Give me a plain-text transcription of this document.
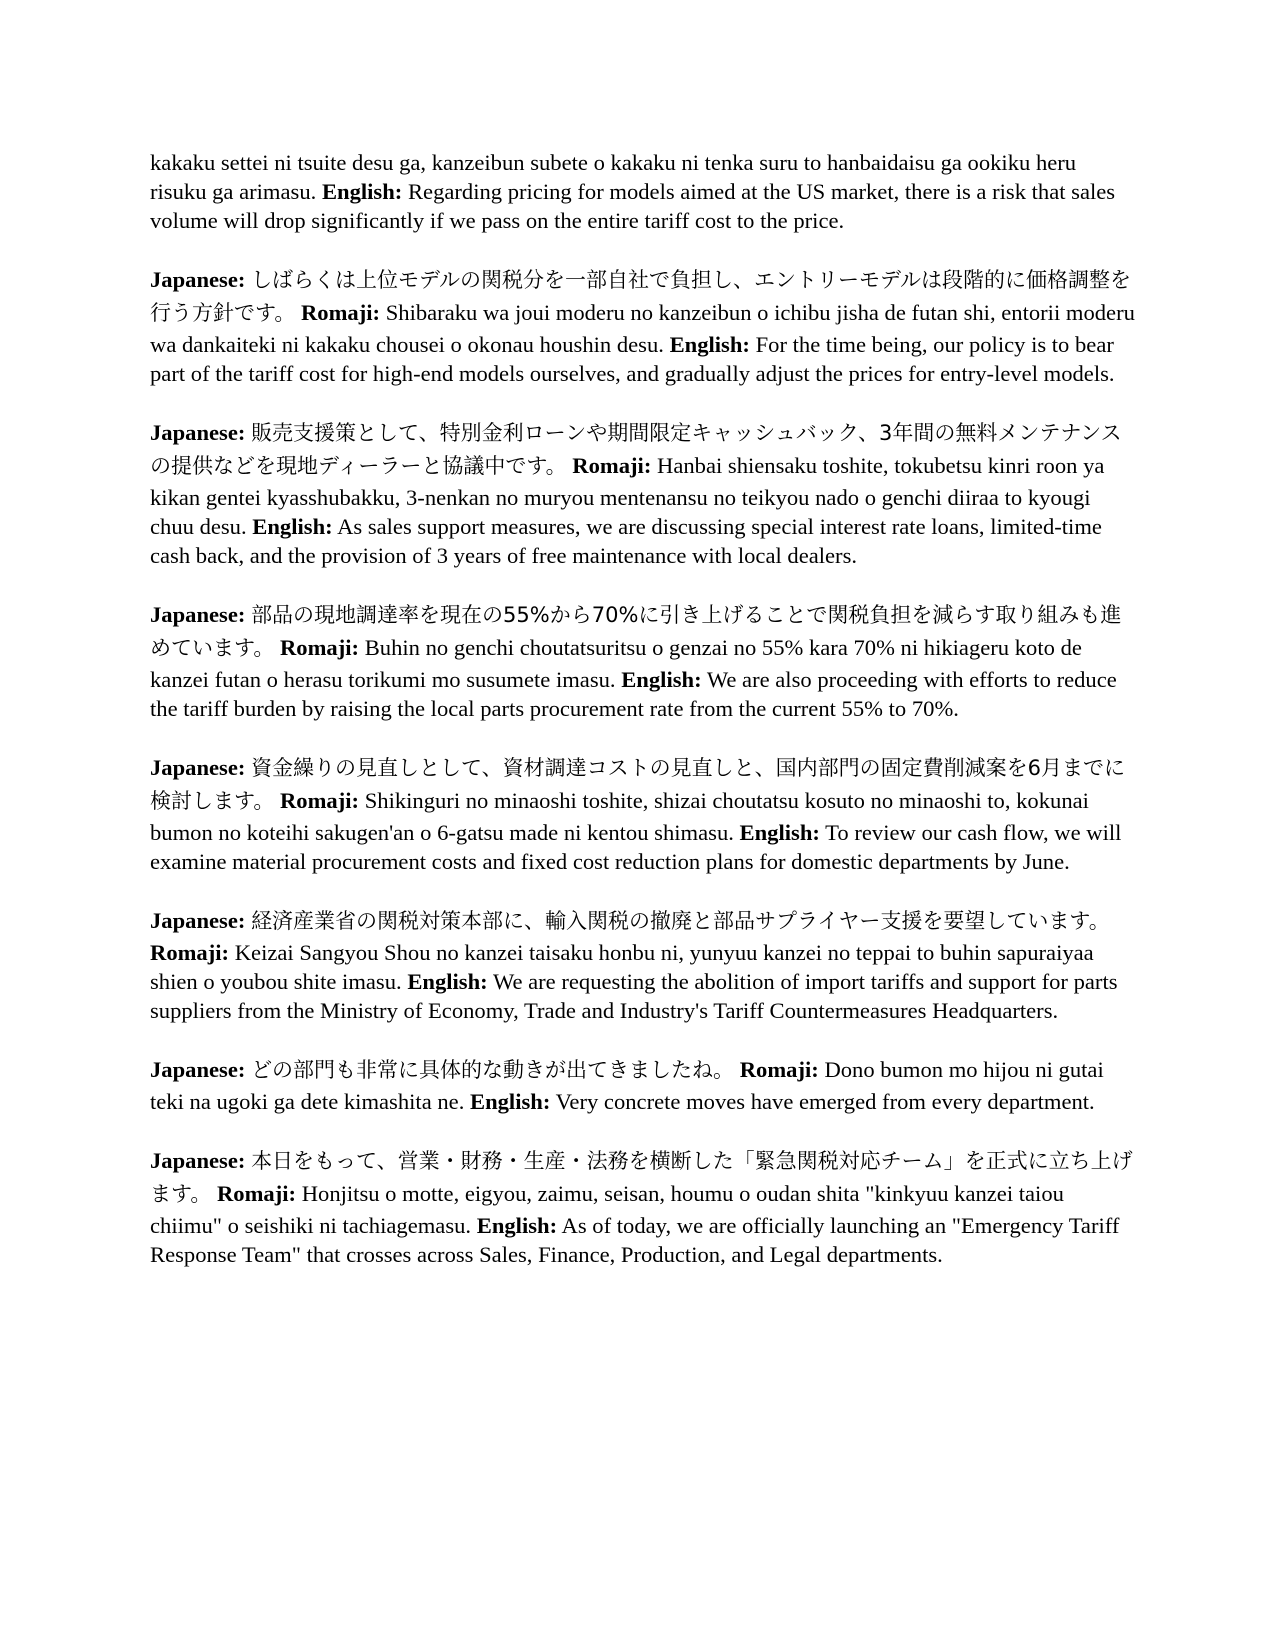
kakaku settei ni tsuite desu ga, kanzeibun subete o kakaku ni tenka suru to hanbaidaisu ga ookiku heru risuku ga arimasu. English: Regarding pricing for models aimed at the US market, there is a risk that sales volume will drop significantly if we pass on the entire tariff cost to the price.

Japanese: しばらくは上位モデルの関税分を一部自社で負担し、エントリーモデルは段階的に価格調整を行う方針です。 Romaji: Shibaraku wa joui moderu no kanzeibun o ichibu jisha de futan shi, entorii moderu wa dankaiteki ni kakaku chousei o okonau houshin desu. English: For the time being, our policy is to bear part of the tariff cost for high-end models ourselves, and gradually adjust the prices for entry-level models.

Japanese: 販売支援策として、特別金利ローンや期間限定キャッシュバック、3年間の無料メンテナンスの提供などを現地ディーラーと協議中です。 Romaji: Hanbai shiensaku toshite, tokubetsu kinri roon ya kikan gentei kyasshubakku, 3-nenkan no muryou mentenansu no teikyou nado o genchi diiraa to kyougi chuu desu. English: As sales support measures, we are discussing special interest rate loans, limited-time cash back, and the provision of 3 years of free maintenance with local dealers.

Japanese: 部品の現地調達率を現在の55%から70%に引き上げることで関税負担を減らす取り組みも進めています。 Romaji: Buhin no genchi choutatsuritsu o genzai no 55% kara 70% ni hikiageru koto de kanzei futan o herasu torikumi mo susumete imasu. English: We are also proceeding with efforts to reduce the tariff burden by raising the local parts procurement rate from the current 55% to 70%.

Japanese: 資金繰りの見直しとして、資材調達コストの見直しと、国内部門の固定費削減案を6月までに検討します。 Romaji: Shikinguri no minaoshi toshite, shizai choutatsu kosuto no minaoshi to, kokunai bumon no koteihi sakugen'an o 6-gatsu made ni kentou shimasu. English: To review our cash flow, we will examine material procurement costs and fixed cost reduction plans for domestic departments by June.

Japanese: 経済産業省の関税対策本部に、輸入関税の撤廃と部品サプライヤー支援を要望しています。 Romaji: Keizai Sangyou Shou no kanzei taisaku honbu ni, yunyuu kanzei no teppai to buhin sapuraiyaa shien o youbou shite imasu. English: We are requesting the abolition of import tariffs and support for parts suppliers from the Ministry of Economy, Trade and Industry's Tariff Countermeasures Headquarters.

Japanese: どの部門も非常に具体的な動きが出てきましたね。 Romaji: Dono bumon mo hijou ni gutai teki na ugoki ga dete kimashita ne. English: Very concrete moves have emerged from every department.

Japanese: 本日をもって、営業・財務・生産・法務を横断した「緊急関税対応チーム」を正式に立ち上げます。 Romaji: Honjitsu o motte, eigyou, zaimu, seisan, houmu o oudan shita "kinkyuu kanzei taiou chiimu" o seishiki ni tachiagemasu. English: As of today, we are officially launching an "Emergency Tariff Response Team" that crosses across Sales, Finance, Production, and Legal departments.
